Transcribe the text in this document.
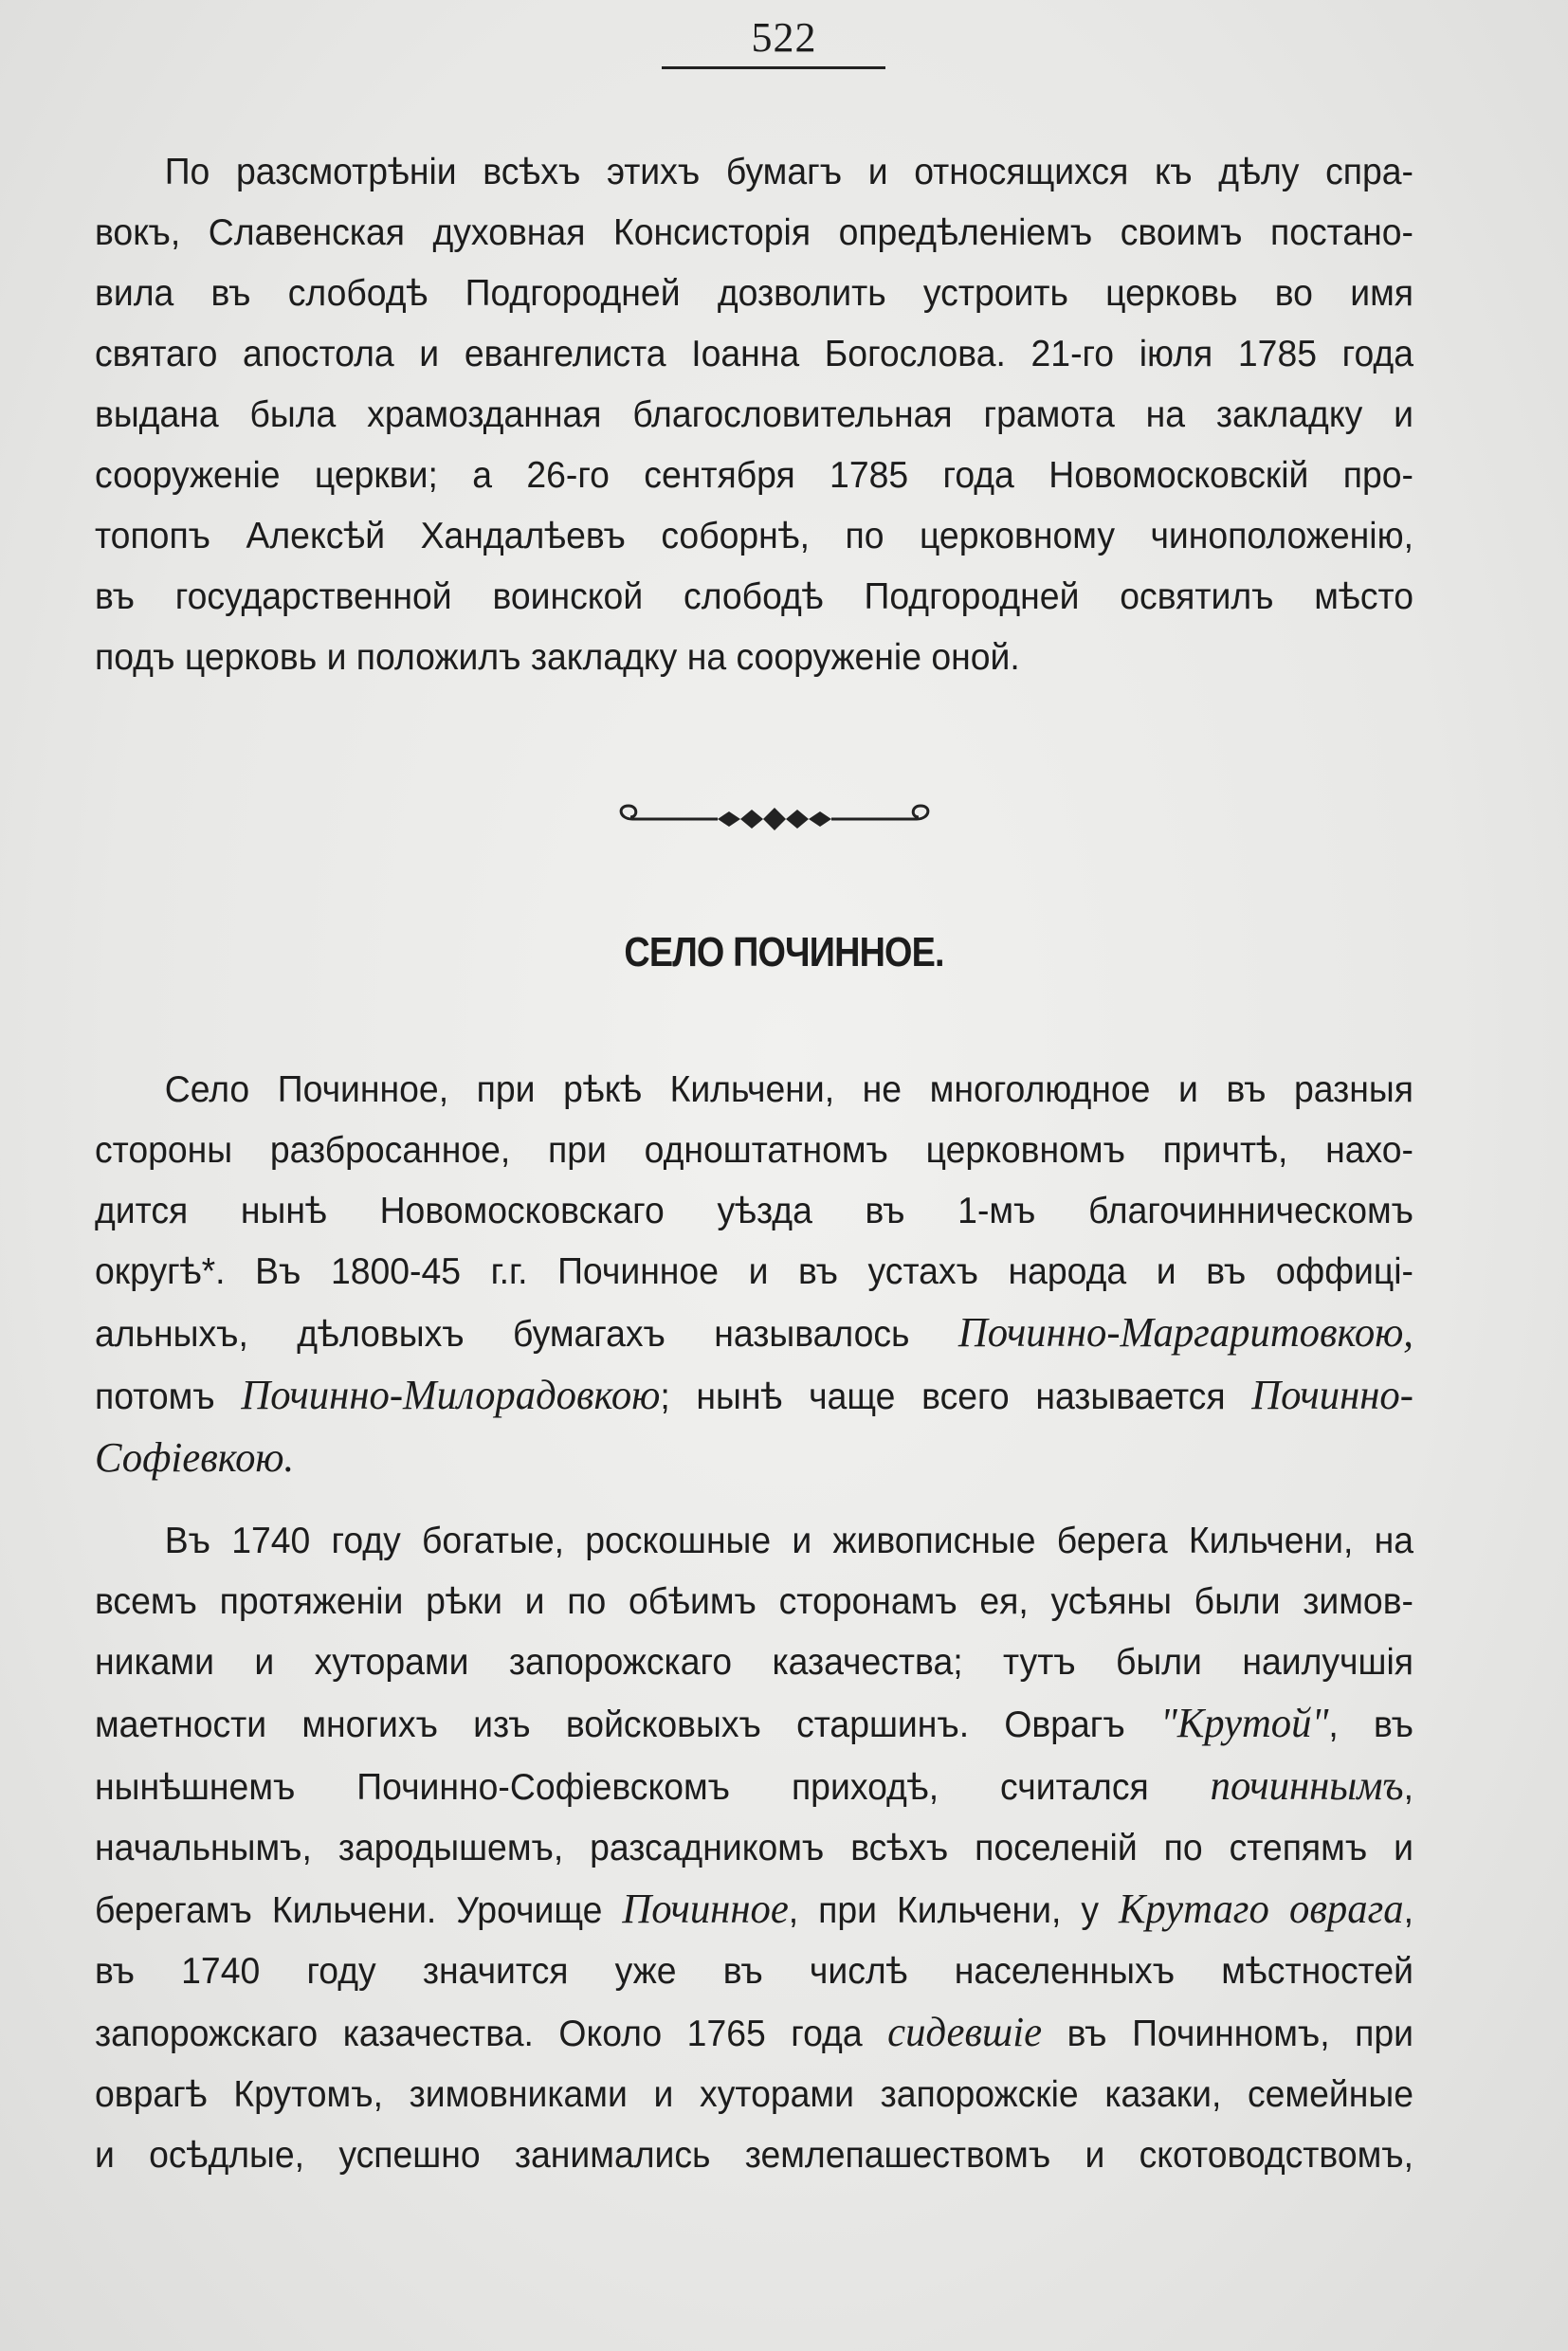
522
По разсмотрѣніи всѣхъ этихъ бумагъ и относящихся къ дѣлу спра-
вокъ, Славенская духовная Консисторія опредѣленіемъ своимъ постано-
вила въ слободѣ Подгородней дозволить устроить церковь во имя
святаго апостола и евангелиста Іоанна Богослова. 21-го іюля 1785 года
выдана была храмозданная благословительная грамота на закладку и
сооруженіе церкви; а 26-го сентября 1785 года Новомосковскій про-
топопъ Алексѣй Хандалѣевъ соборнѣ, по церковному чиноположенію,
въ государственной воинской слободѣ Подгородней освятилъ мѣсто
подъ церковь и положилъ закладку на сооруженіе оной.
СЕЛО ПОЧИННОЕ.
Село Починное, при рѣкѣ Кильчени, не многолюдное и въ разныя
стороны разбросанное, при одноштатномъ церковномъ причтѣ, нахо-
дится нынѣ Новомосковскаго уѣзда въ 1-мъ благочинническомъ
округѣ*. Въ 1800-45 г.г. Починное и въ устахъ народа и въ оффиці-
альныхъ, дѣловыхъ бумагахъ называлось Починно-Маргаритовкою,
потомъ Починно-Милорадовкою; нынѣ чаще всего называется Починно-
Софіевкою.
Въ 1740 году богатые, роскошные и живописные берега Кильчени, на
всемъ протяженіи рѣки и по обѣимъ сторонамъ ея, усѣяны были зимов-
никами и хуторами запорожскаго казачества; тутъ были наилучшія
маетности многихъ изъ войсковыхъ старшинъ. Оврагъ "Крутой", въ
нынѣшнемъ Починно-Софіевскомъ приходѣ, считался починнымъ,
начальнымъ, зародышемъ, разсадникомъ всѣхъ поселеній по степямъ и
берегамъ Кильчени. Урочище Починное, при Кильчени, у Крутаго оврага,
въ 1740 году значится уже въ числѣ населенныхъ мѣстностей
запорожскаго казачества. Около 1765 года сидевшіе въ Починномъ, при
оврагѣ Крутомъ, зимовниками и хуторами запорожскіе казаки, семейные
и осѣдлые, успешно занимались землепашествомъ и скотоводствомъ,
